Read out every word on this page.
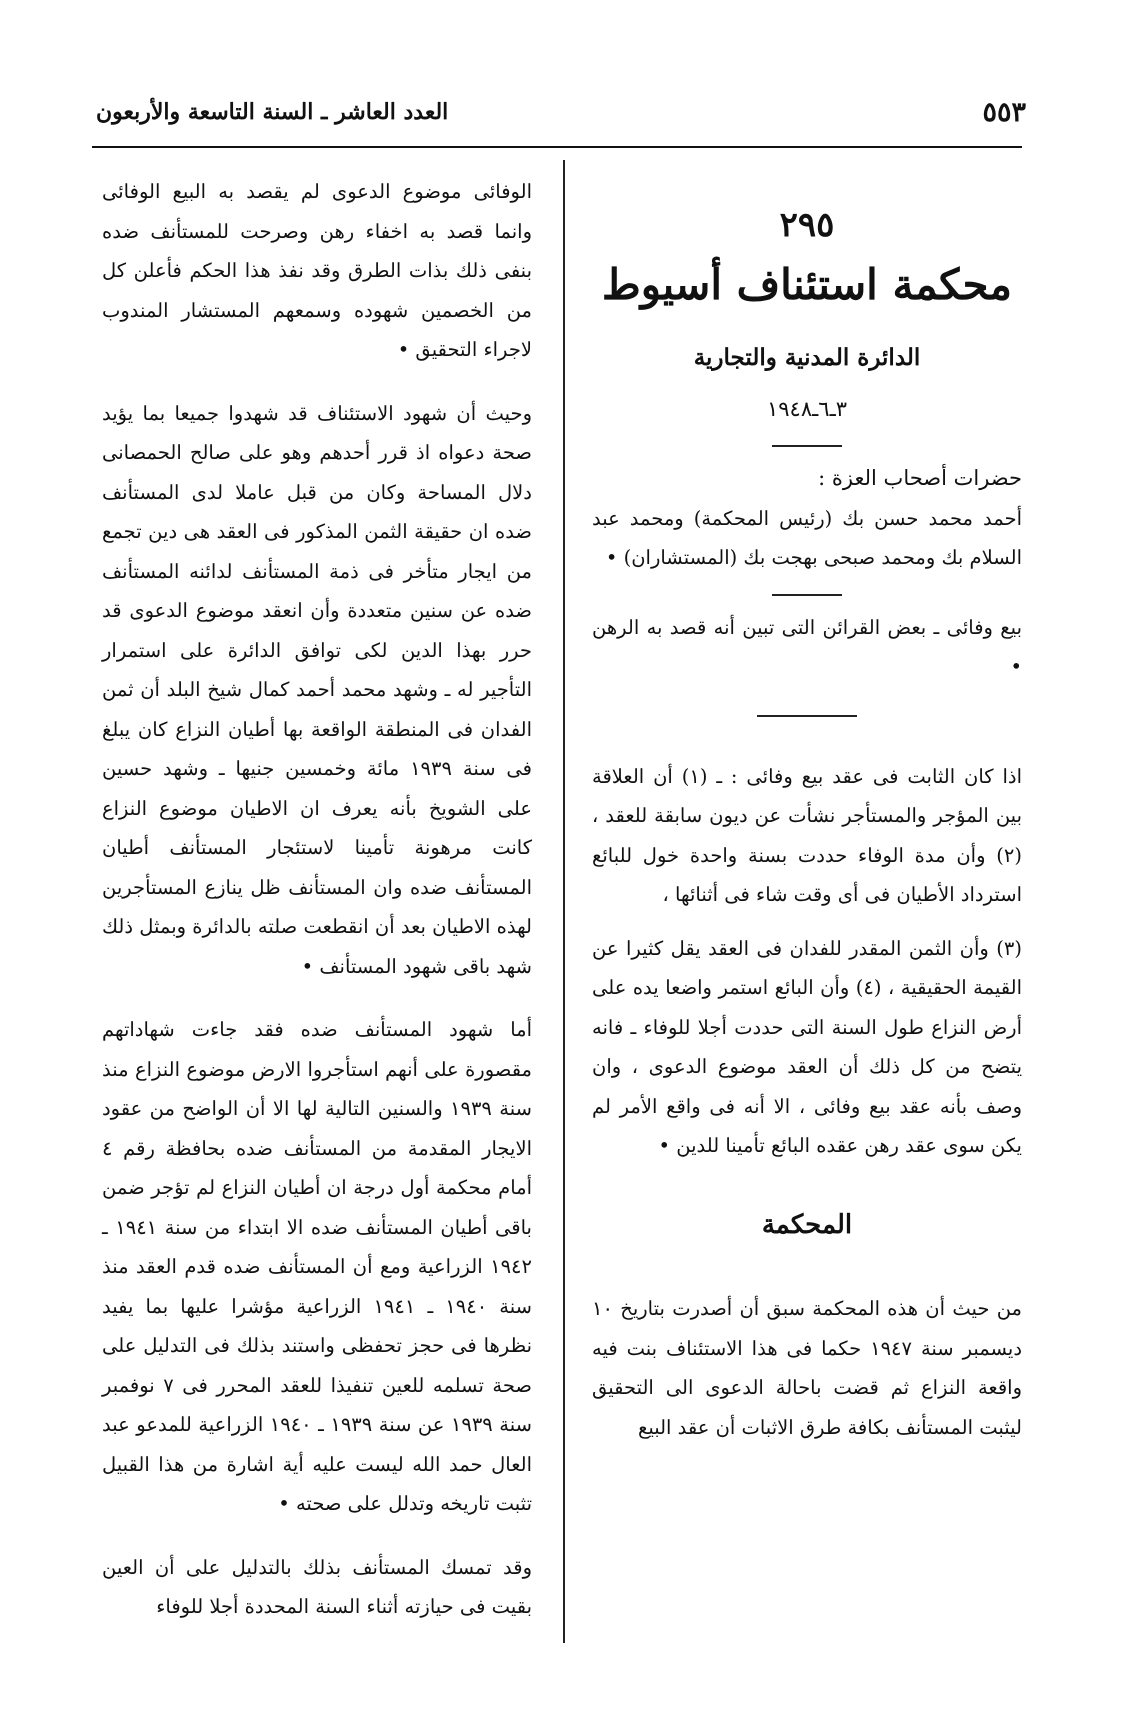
٥٥٣
العدد العاشر ـ السنة التاسعة والأربعون
٢٩٥
محكمة استئناف أسيوط
الدائرة المدنية والتجارية
٣ـ٦ـ١٩٤٨

حضرات أصحاب العزة :

أحمد محمد حسن بك (رئيس المحكمة) ومحمد عبد السلام بك ومحمد صبحى بهجت بك (المستشاران) •

بيع وفائى ـ بعض القرائن التى تبين أنه قصد به الرهن •

اذا كان الثابت فى عقد بيع وفائى : ـ (١) أن العلاقة بين المؤجر والمستأجر نشأت عن ديون سابقة للعقد ، (٢) وأن مدة الوفاء حددت بسنة واحدة خول للبائع استرداد الأطيان فى أى وقت شاء فى أثنائها ،

(٣) وأن الثمن المقدر للفدان فى العقد يقل كثيرا عن القيمة الحقيقية ، (٤) وأن البائع استمر واضعا يده على أرض النزاع طول السنة التى حددت أجلا للوفاء ـ فانه يتضح من كل ذلك أن العقد موضوع الدعوى ، وان وصف بأنه عقد بيع وفائى ، الا أنه فى واقع الأمر لم يكن سوى عقد رهن عقده البائع تأمينا للدين •

المحكمة

من حيث أن هذه المحكمة سبق أن أصدرت بتاريخ ١٠ ديسمبر سنة ١٩٤٧ حكما فى هذا الاستئناف بنت فيه واقعة النزاع ثم قضت باحالة الدعوى الى التحقيق ليثبت المستأنف بكافة طرق الاثبات أن عقد البيع

الوفائى موضوع الدعوى لم يقصد به البيع الوفائى وانما قصد به اخفاء رهن وصرحت للمستأنف ضده بنفى ذلك بذات الطرق وقد نفذ هذا الحكم فأعلن كل من الخصمين شهوده وسمعهم المستشار المندوب لاجراء التحقيق •

وحيث أن شهود الاستئناف قد شهدوا جميعا بما يؤيد صحة دعواه اذ قرر أحدهم وهو على صالح الحمصانى دلال المساحة وكان من قبل عاملا لدى المستأنف ضده ان حقيقة الثمن المذكور فى العقد هى دين تجمع من ايجار متأخر فى ذمة المستأنف لدائنه المستأنف ضده عن سنين متعددة وأن انعقد موضوع الدعوى قد حرر بهذا الدين لكى توافق الدائرة على استمرار التأجير له ـ وشهد محمد أحمد كمال شيخ البلد أن ثمن الفدان فى المنطقة الواقعة بها أطيان النزاع كان يبلغ فى سنة ١٩٣٩ مائة وخمسين جنيها ـ وشهد حسين على الشويخ بأنه يعرف ان الاطيان موضوع النزاع كانت مرهونة تأمينا لاستئجار المستأنف أطيان المستأنف ضده وان المستأنف ظل ينازع المستأجرين لهذه الاطيان بعد أن انقطعت صلته بالدائرة وبمثل ذلك شهد باقى شهود المستأنف •

أما شهود المستأنف ضده فقد جاءت شهاداتهم مقصورة على أنهم استأجروا الارض موضوع النزاع منذ سنة ١٩٣٩ والسنين التالية لها الا أن الواضح من عقود الايجار المقدمة من المستأنف ضده بحافظة رقم ٤ أمام محكمة أول درجة ان أطيان النزاع لم تؤجر ضمن باقى أطيان المستأنف ضده الا ابتداء من سنة ١٩٤١ ـ ١٩٤٢ الزراعية ومع أن المستأنف ضده قدم العقد منذ سنة ١٩٤٠ ـ ١٩٤١ الزراعية مؤشرا عليها بما يفيد نظرها فى حجز تحفظى واستند بذلك فى التدليل على صحة تسلمه للعين تنفيذا للعقد المحرر فى ٧ نوفمبر سنة ١٩٣٩ عن سنة ١٩٣٩ ـ ١٩٤٠ الزراعية للمدعو عبد العال حمد الله ليست عليه أية اشارة من هذا القبيل تثبت تاريخه وتدلل على صحته •

وقد تمسك المستأنف بذلك بالتدليل على أن العين بقيت فى حيازته أثناء السنة المحددة أجلا للوفاء
